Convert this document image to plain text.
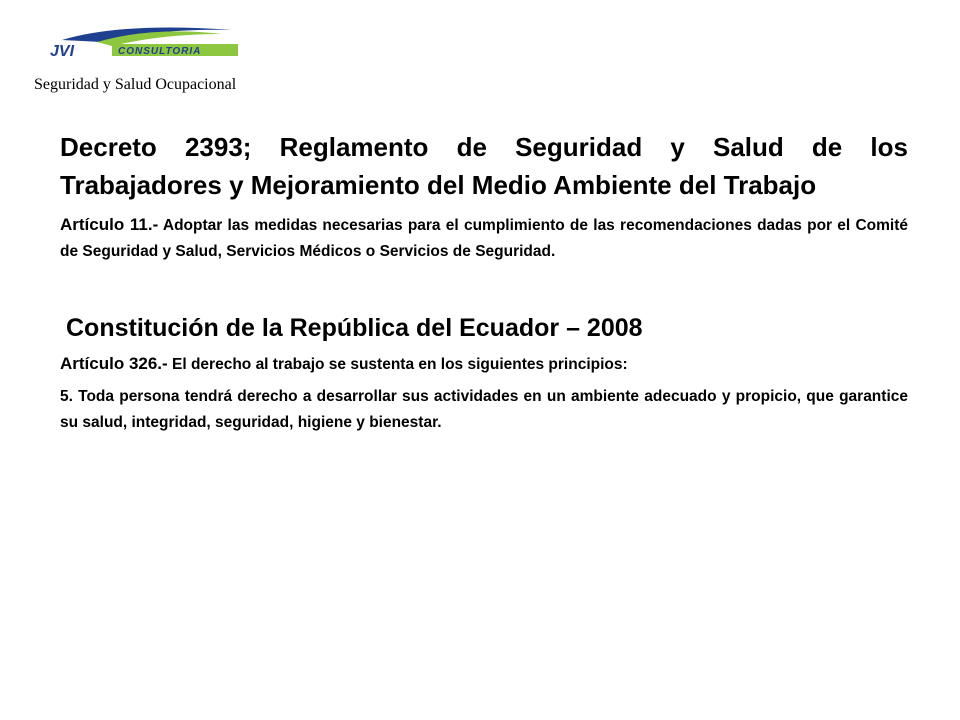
JVI	CONSULTORIA
Seguridad y Salud Ocupacional

Decreto 2393; Reglamento de Seguridad y Salud de los Trabajadores y Mejoramiento del Medio Ambiente del Trabajo

Artículo 11.- Adoptar las medidas necesarias para el cumplimiento de las recomendaciones dadas por el Comité de Seguridad y Salud, Servicios Médicos o Servicios de Seguridad.

Constitución de la República del Ecuador – 2008

Artículo 326.- El derecho al trabajo se sustenta en los siguientes principios:

5. Toda persona tendrá derecho a desarrollar sus actividades en un ambiente adecuado y propicio, que garantice su salud, integridad, seguridad, higiene y bienestar.
